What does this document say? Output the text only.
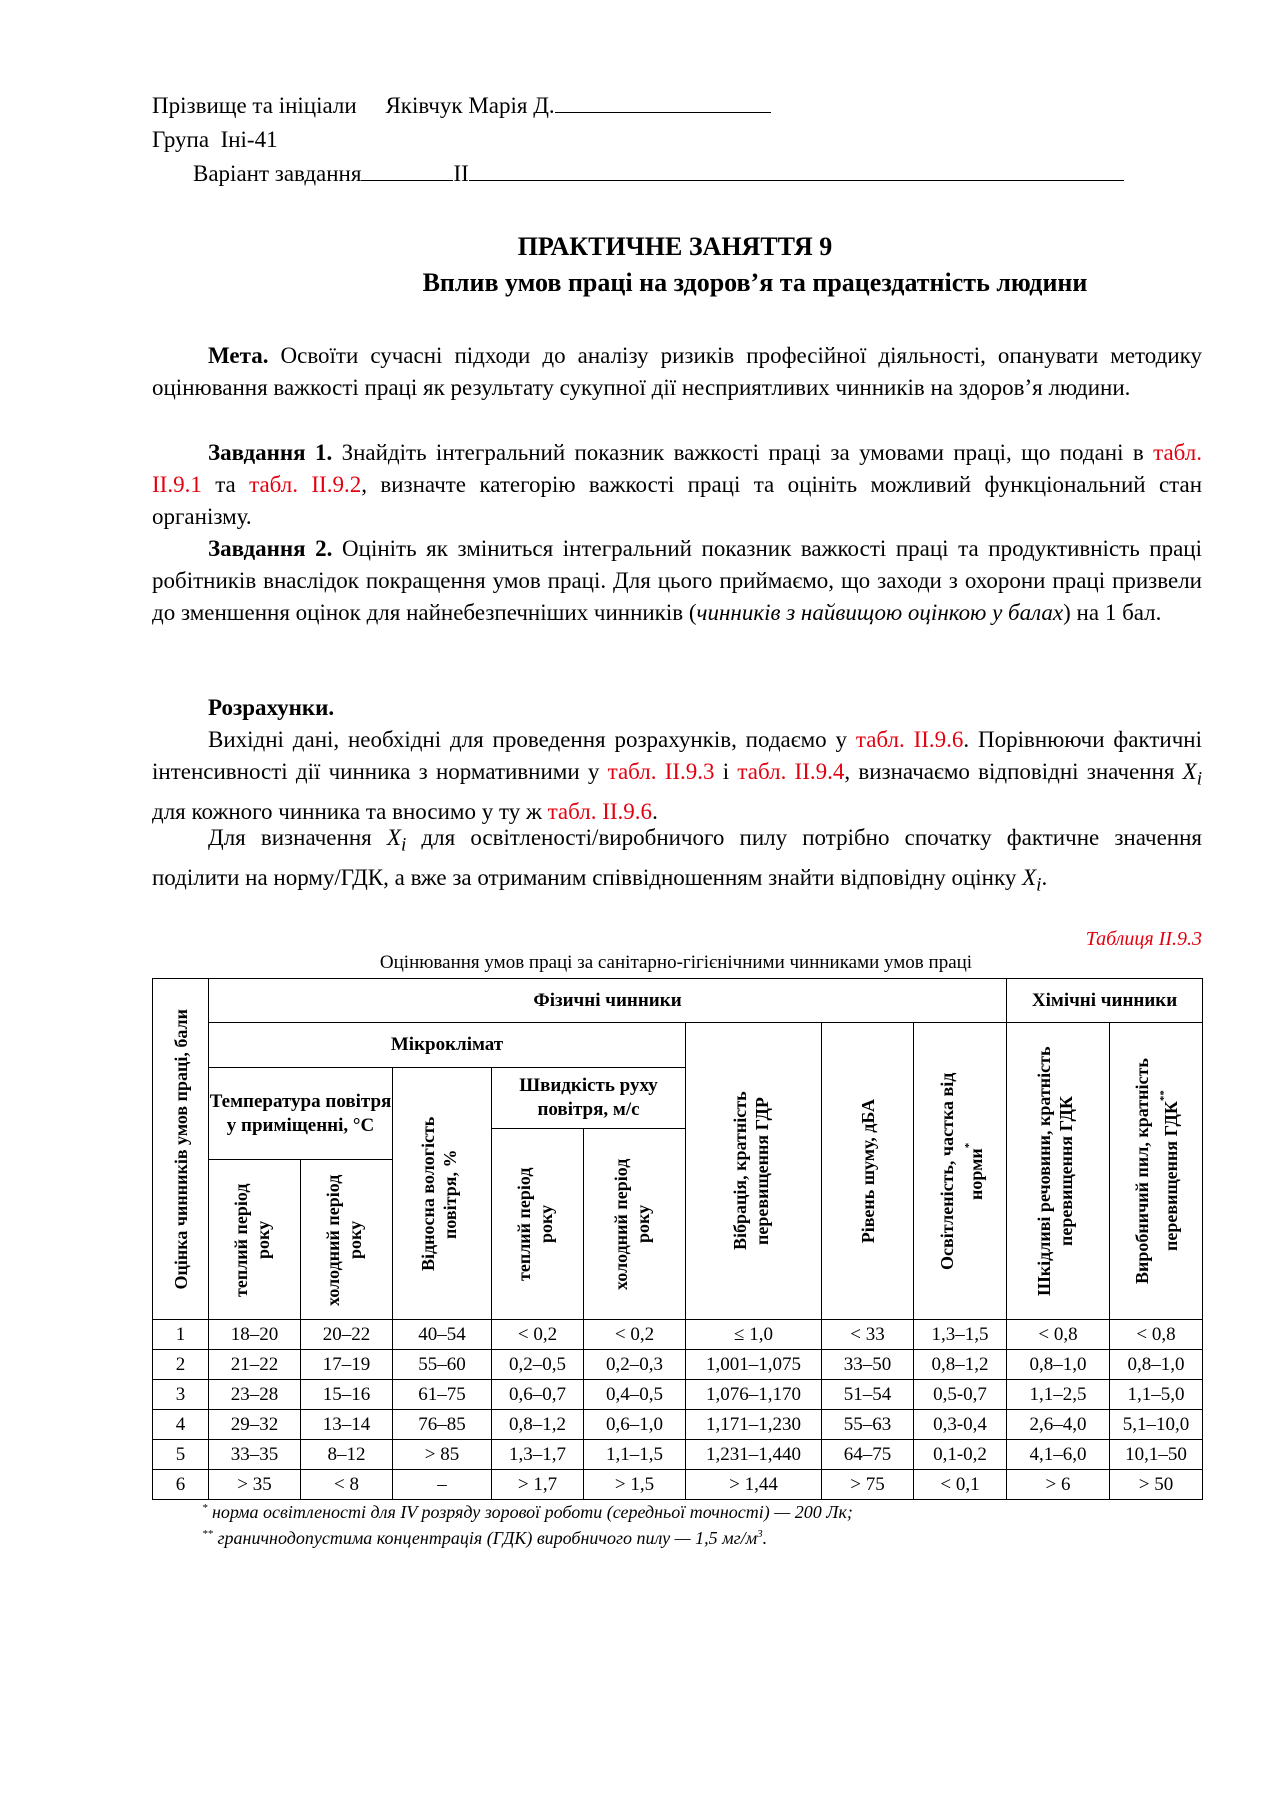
Прізвище та ініціали Яківчук Марія Д.
Група Іні-41
Варіант завдання	II
ПРАКТИЧНЕ ЗАНЯТТЯ 9
Вплив умов праці на здоров’я та працездатність людини
Мета. Освоїти сучасні підходи до аналізу ризиків професійної діяльності, опанувати методику оцінювання важкості праці як результату сукупної дії несприятливих чинників на здоров’я людини.
Завдання 1. Знайдіть інтегральний показник важкості праці за умовами праці, що подані в табл. II.9.1 та табл. II.9.2, визначте категорію важкості праці та оцініть можливий функціональний стан організму.
Завдання 2. Оцініть як зміниться інтегральний показник важкості праці та продуктивність праці робітників внаслідок покращення умов праці. Для цього приймаємо, що заходи з охорони праці призвели до зменшення оцінок для найнебезпечніших чинників (чинників з найвищою оцінкою у балах) на 1 бал.
Розрахунки.
Вихідні дані, необхідні для проведення розрахунків, подаємо у табл. II.9.6. Порівнюючи фактичні інтенсивності дії чинника з нормативними у табл. II.9.3 і табл. II.9.4, визначаємо відповідні значення $X_i$ для кожного чинника та вносимо у ту ж табл. II.9.6.
Для визначення $X_i$ для освітленості/виробничого пилу потрібно спочатку фактичне значення поділити на норму/ГДК, а вже за отриманим співвідношенням знайти відповідну оцінку $X_i$.
Таблиця II.9.3
Оцінювання умов праці за санітарно-гігієнічними чинниками умов праці
Оцінка чинників умов праці, бали	Фізичні чинники								Хімічні чинники	
	Мікроклімат					Вібрація, кратність перевищення ГДР	Рівень шуму, дБА	Освітленість, частка від норми*	Шкідливі речовини, кратність перевищення ГДК	Виробничий пил, кратність перевищення ГДК**

	Температура повітря у приміщенні, °С		Відносна вологість повітря, %	Швидкість руху повітря, м/с						

				теплий період року	холодний період року					

	теплий період року	холодний період року								

1	18–20	20–22	40–54	< 0,2	< 0,2	≤ 1,0	< 33	1,3–1,5	< 0,8	< 0,8
2	21–22	17–19	55–60	0,2–0,5	0,2–0,3	1,001–1,075	33–50	0,8–1,2	0,8–1,0	0,8–1,0
3	23–28	15–16	61–75	0,6–0,7	0,4–0,5	1,076–1,170	51–54	0,5-0,7	1,1–2,5	1,1–5,0
4	29–32	13–14	76–85	0,8–1,2	0,6–1,0	1,171–1,230	55–63	0,3-0,4	2,6–4,0	5,1–10,0
5	33–35	8–12	> 85	1,3–1,7	1,1–1,5	1,231–1,440	64–75	0,1-0,2	4,1–6,0	10,1–50
6	> 35	< 8	–	> 1,7	> 1,5	> 1,44	> 75	< 0,1	> 6	> 50
* норма освітленості для IV розряду зорової роботи (середньої точності) — 200 Лк;
** граничнодопустима концентрація (ГДК) виробничого пилу — 1,5 $мг/м^3$.
